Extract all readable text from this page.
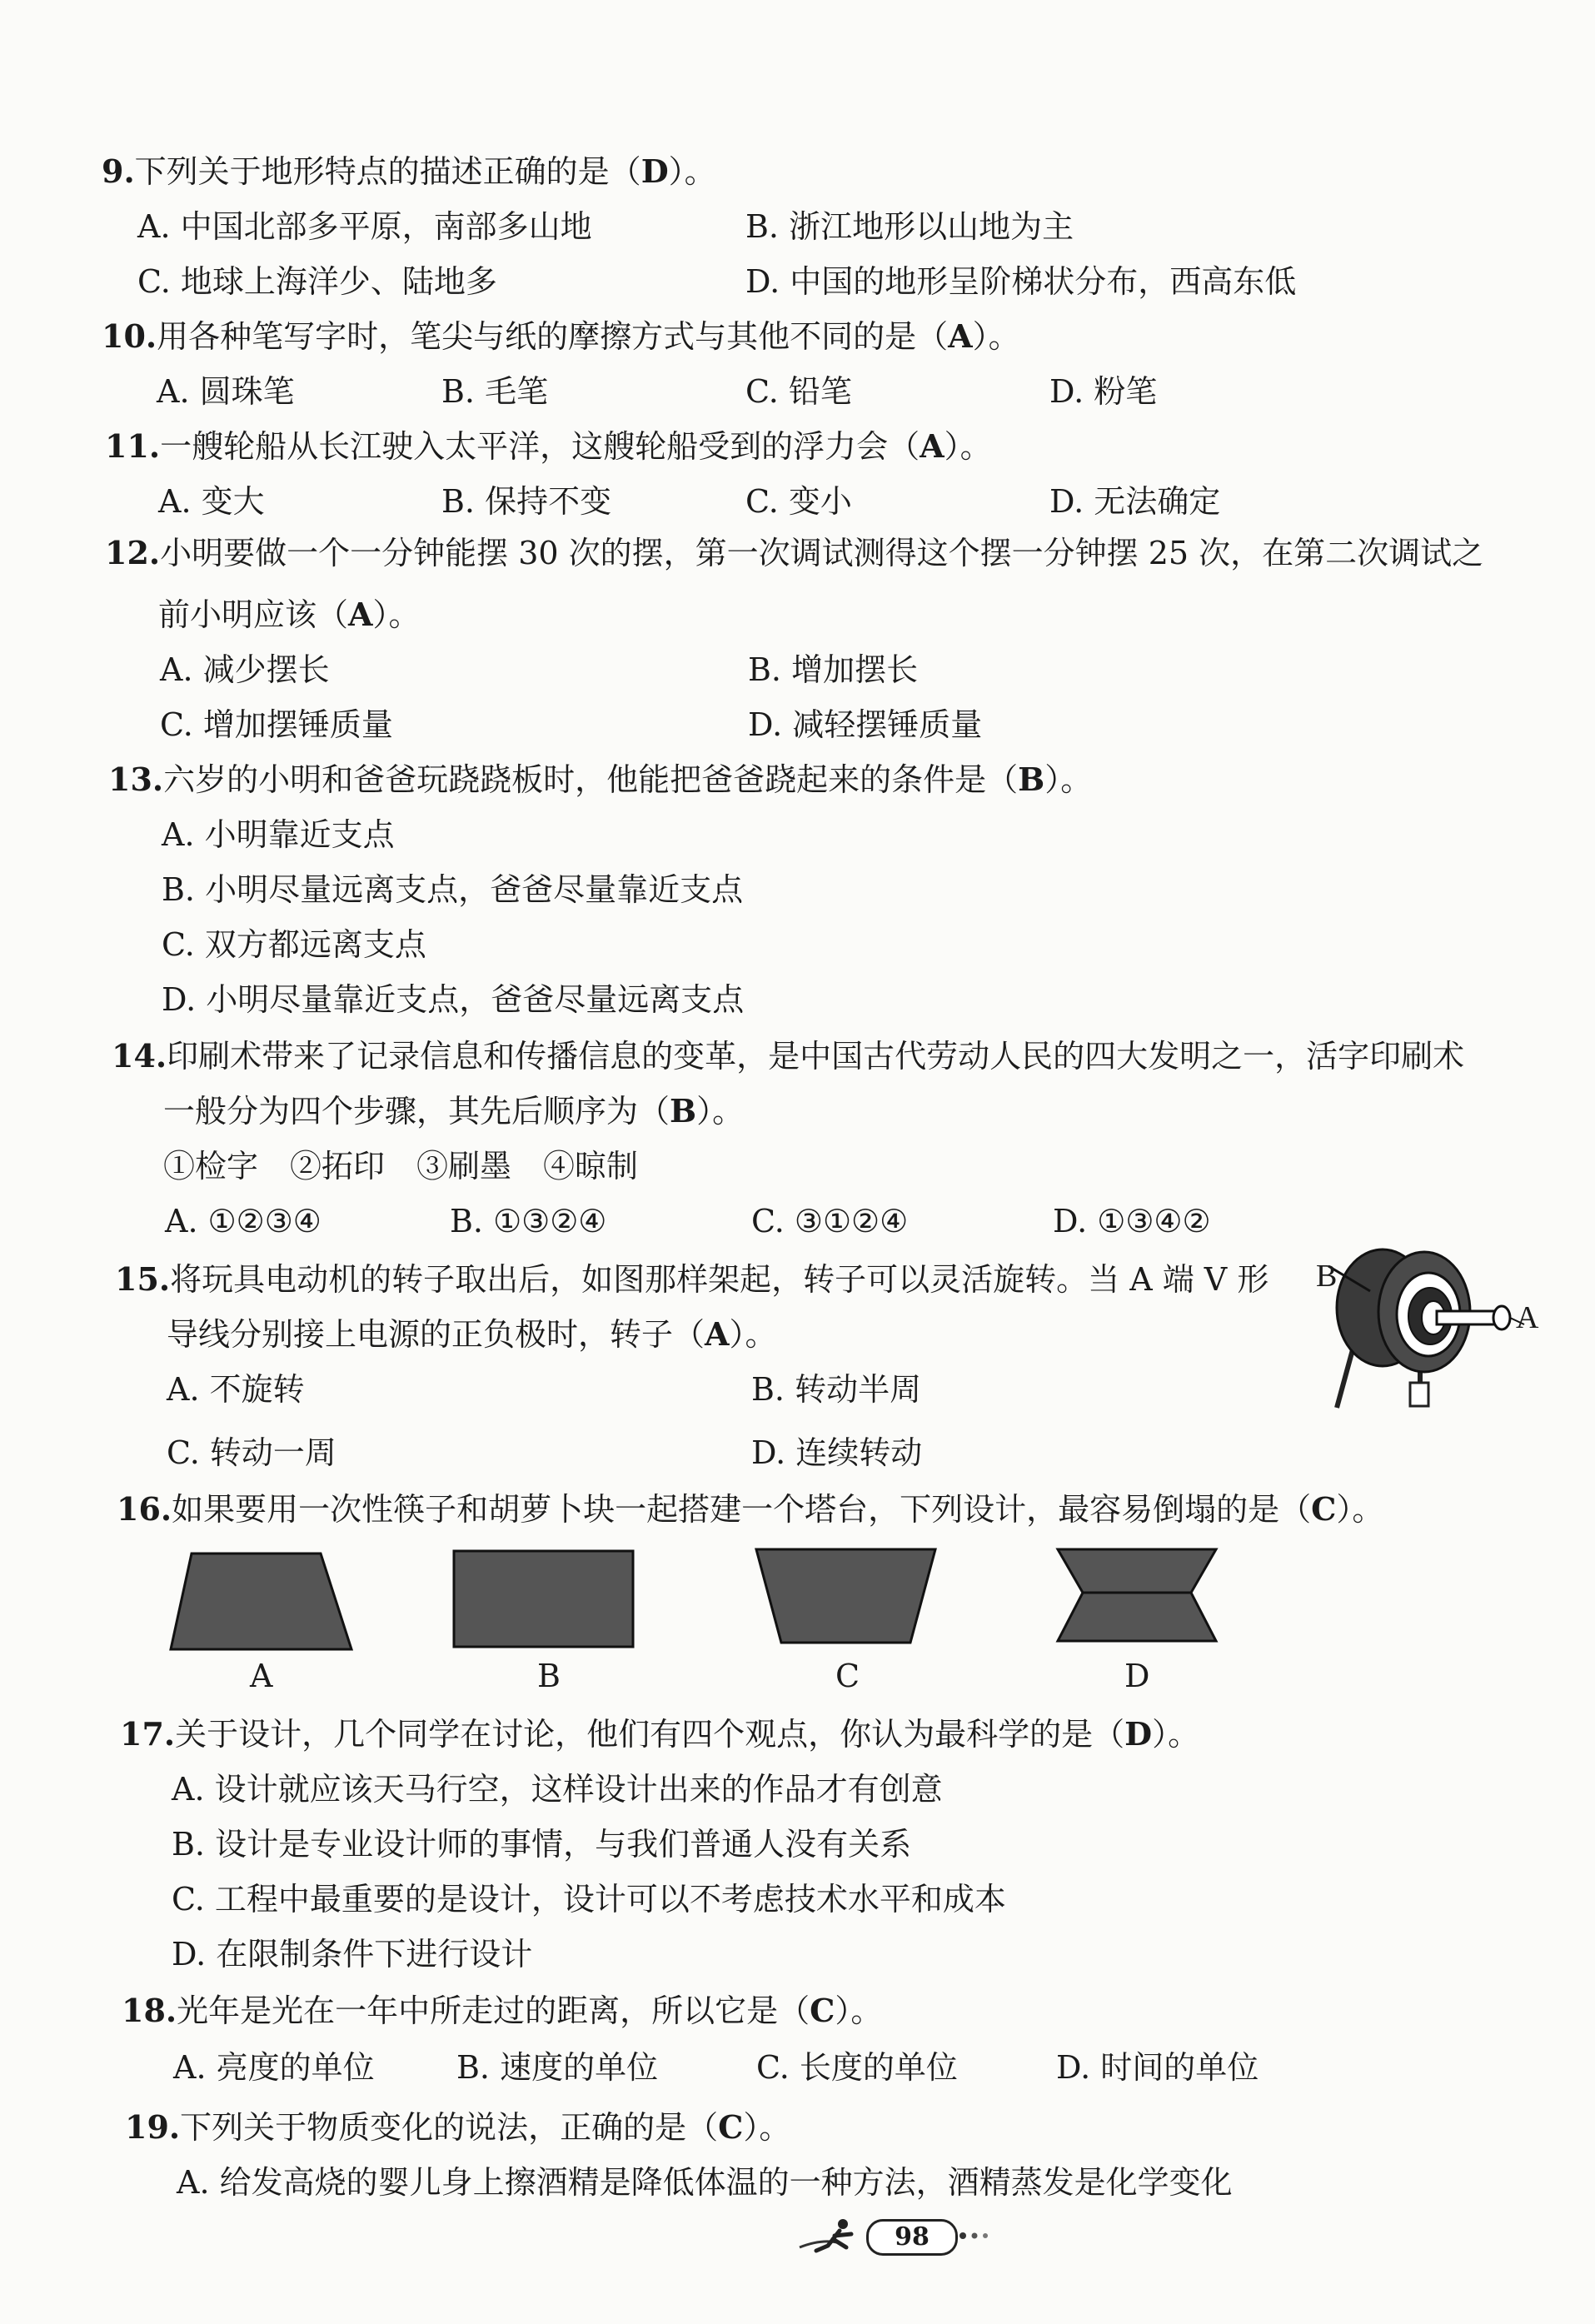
9.下列关于地形特点的描述正确的是（D）。
A. 中国北部多平原，南部多山地	B. 浙江地形以山地为主
C. 地球上海洋少、陆地多	D. 中国的地形呈阶梯状分布，西高东低
10.用各种笔写字时，笔尖与纸的摩擦方式与其他不同的是（A）。
A. 圆珠笔	B. 毛笔	C. 铅笔	D. 粉笔
11.一艘轮船从长江驶入太平洋，这艘轮船受到的浮力会（A）。
A. 变大	B. 保持不变	C. 变小	D. 无法确定
12.小明要做一个一分钟能摆 30 次的摆，第一次调试测得这个摆一分钟摆 25 次，在第二次调试之
前小明应该（A）。
A. 减少摆长	B. 增加摆长
C. 增加摆锤质量	D. 减轻摆锤质量
13.六岁的小明和爸爸玩跷跷板时，他能把爸爸跷起来的条件是（B）。
A. 小明靠近支点
B. 小明尽量远离支点，爸爸尽量靠近支点
C. 双方都远离支点
D. 小明尽量靠近支点，爸爸尽量远离支点
14.印刷术带来了记录信息和传播信息的变革，是中国古代劳动人民的四大发明之一，活字印刷术
一般分为四个步骤，其先后顺序为（B）。
①检字　②拓印　③刷墨　④晾制
A. ①②③④	B. ①③②④	C. ③①②④	D. ①③④②
15.将玩具电动机的转子取出后，如图那样架起，转子可以灵活旋转。当 A 端 V 形
导线分别接上电源的正负极时，转子（A）。
A. 不旋转	B. 转动半周
C. 转动一周	D. 连续转动
B
A
16.如果要用一次性筷子和胡萝卜块一起搭建一个塔台，下列设计，最容易倒塌的是（C）。
A	B	C	D
17.关于设计，几个同学在讨论，他们有四个观点，你认为最科学的是（D）。
A. 设计就应该天马行空，这样设计出来的作品才有创意
B. 设计是专业设计师的事情，与我们普通人没有关系
C. 工程中最重要的是设计，设计可以不考虑技术水平和成本
D. 在限制条件下进行设计
18.光年是光在一年中所走过的距离，所以它是（C）。
A. 亮度的单位	B. 速度的单位	C. 长度的单位	D. 时间的单位
19.下列关于物质变化的说法，正确的是（C）。
A. 给发高烧的婴儿身上擦酒精是降低体温的一种方法，酒精蒸发是化学变化
98
